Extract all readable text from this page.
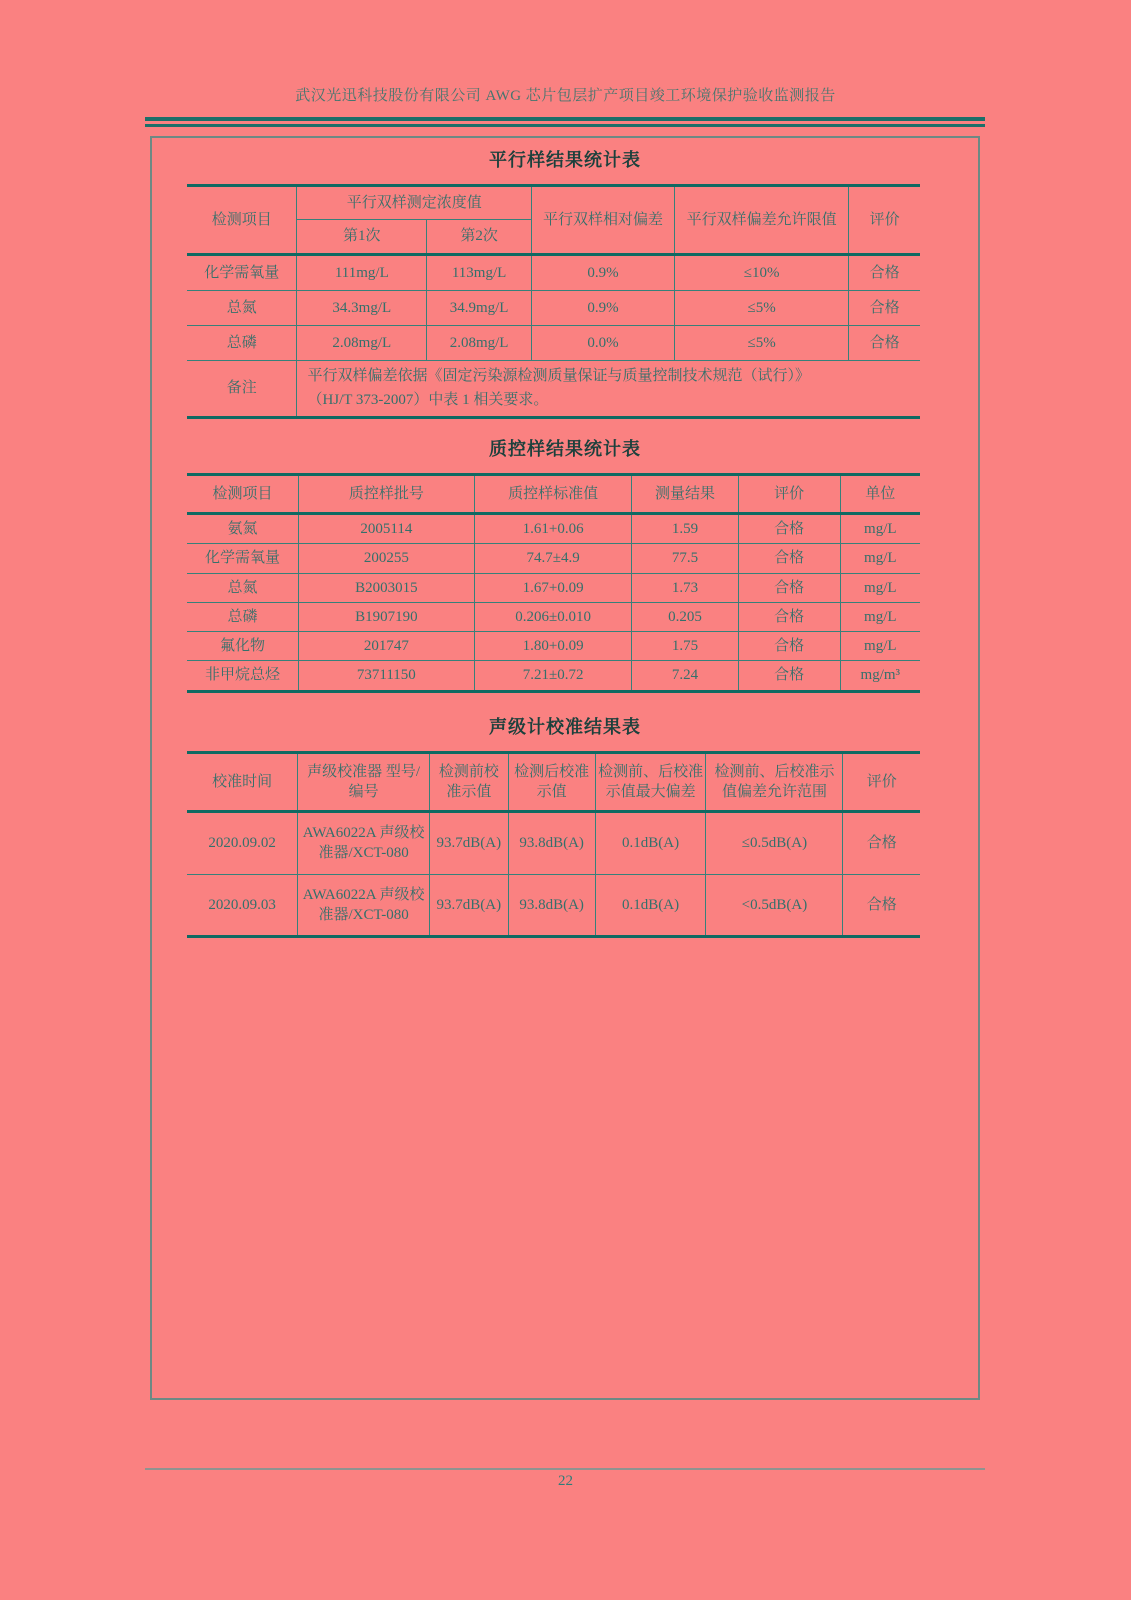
武汉光迅科技股份有限公司 AWG 芯片包层扩产项目竣工环境保护验收监测报告
平行样结果统计表
检测项目	平行双样测定浓度值		平行双样相对偏差	平行双样偏差允许限值	评价
	第1次	第2次			
化学需氧量	111mg/L	113mg/L	0.9%	≤10%	合格
总氮	34.3mg/L	34.9mg/L	0.9%	≤5%	合格
总磷	2.08mg/L	2.08mg/L	0.0%	≤5%	合格
备注	平行双样偏差依据《固定污染源检测质量保证与质量控制技术规范（试行）》
（HJ/T 373-2007）中表 1 相关要求。				
质控样结果统计表
检测项目	质控样批号	质控样标准值	测量结果	评价	单位
氨氮	2005114	1.61+0.06	1.59	合格	mg/L
化学需氧量	200255	74.7±4.9	77.5	合格	mg/L
总氮	B2003015	1.67+0.09	1.73	合格	mg/L
总磷	B1907190	0.206±0.010	0.205	合格	mg/L
氟化物	201747	1.80+0.09	1.75	合格	mg/L
非甲烷总烃	73711150	7.21±0.72	7.24	合格	mg/m³
声级计校准结果表
校准时间	声级校准器 型号/编号	检测前校准示值	检测后校准示值	检测前、后校准示值最大偏差	检测前、后校准示值偏差允许范围	评价
2020.09.02	AWA6022A 声级校准器/XCT-080	93.7dB(A)	93.8dB(A)	0.1dB(A)	≤0.5dB(A)	合格
2020.09.03	AWA6022A 声级校准器/XCT-080	93.7dB(A)	93.8dB(A)	0.1dB(A)	<0.5dB(A)	合格
22
